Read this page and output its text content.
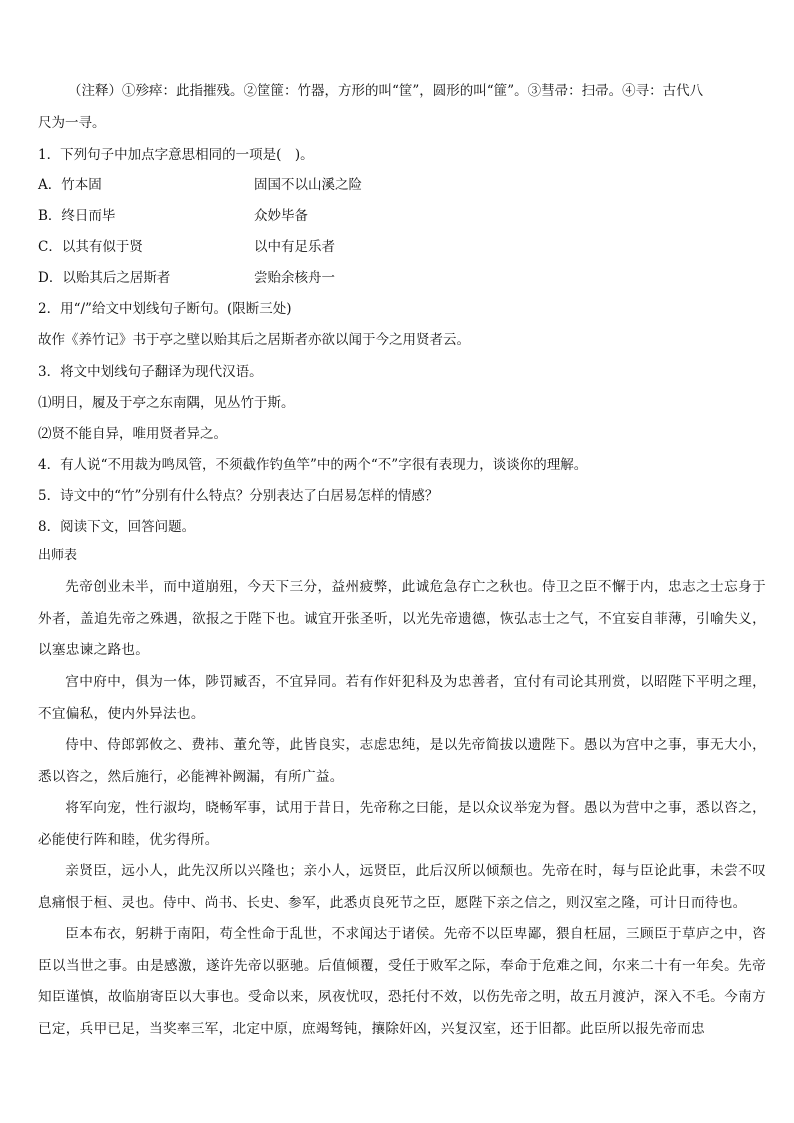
（注释）①殄瘁：此指摧残。②筐篚：竹器，方形的叫“筐”，圆形的叫“篚”。③彗帚：扫帚。④寻：古代八
尺为一寻。
1．下列句子中加点字意思相同的一项是(　)。
A．竹本固	固国不以山溪之险
B．终日而毕	众妙毕备
C．以其有似于贤	以中有足乐者
D．以贻其后之居斯者	尝贻余核舟一
2．用“/”给文中划线句子断句。(限断三处)
故作《养竹记》书于亭之壁以贻其后之居斯者亦欲以闻于今之用贤者云。
3．将文中划线句子翻译为现代汉语。
⑴明日，履及于亭之东南隅，见丛竹于斯。
⑵贤不能自异，唯用贤者异之。
4．有人说“不用裁为鸣凤管，不须截作钓鱼竿”中的两个“不”字很有表现力，谈谈你的理解。
5．诗文中的“竹”分别有什么特点？分别表达了白居易怎样的情感？
8．阅读下文，回答问题。
出师表
先帝创业未半，而中道崩殂，今天下三分，益州疲弊，此诚危急存亡之秋也。侍卫之臣不懈于内，忠志之士忘身于外者，盖追先帝之殊遇，欲报之于陛下也。诚宜开张圣听，以光先帝遗德，恢弘志士之气，不宜妄自菲薄，引喻失义，以塞忠谏之路也。
宫中府中，俱为一体，陟罚臧否，不宜异同。若有作奸犯科及为忠善者，宜付有司论其刑赏，以昭陛下平明之理，不宜偏私，使内外异法也。
侍中、侍郎郭攸之、费祎、董允等，此皆良实，志虑忠纯，是以先帝简拔以遗陛下。愚以为宫中之事，事无大小，悉以咨之，然后施行，必能裨补阙漏，有所广益。
将军向宠，性行淑均，晓畅军事，试用于昔日，先帝称之曰能，是以众议举宠为督。愚以为营中之事，悉以咨之，必能使行阵和睦，优劣得所。
亲贤臣，远小人，此先汉所以兴隆也；亲小人，远贤臣，此后汉所以倾颓也。先帝在时，每与臣论此事，未尝不叹息痛恨于桓、灵也。侍中、尚书、长史、参军，此悉贞良死节之臣，愿陛下亲之信之，则汉室之隆，可计日而待也。
臣本布衣，躬耕于南阳，苟全性命于乱世，不求闻达于诸侯。先帝不以臣卑鄙，猥自枉屈，三顾臣于草庐之中，咨臣以当世之事。由是感激，遂许先帝以驱驰。后值倾覆，受任于败军之际，奉命于危难之间，尔来二十有一年矣。先帝知臣谨慎，故临崩寄臣以大事也。受命以来，夙夜忧叹，恐托付不效，以伤先帝之明，故五月渡泸，深入不毛。今南方已定，兵甲已足，当奖率三军，北定中原，庶竭驽钝，攘除奸凶，兴复汉室，还于旧都。此臣所以报先帝而忠
